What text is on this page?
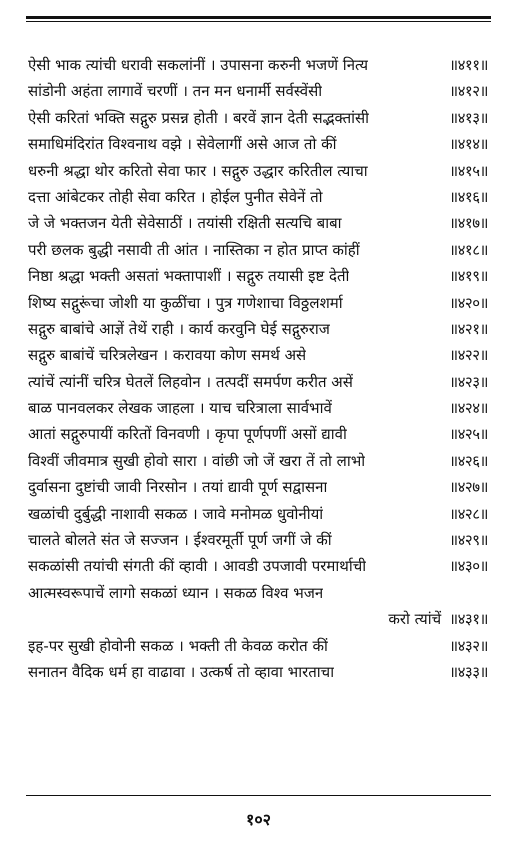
ऐसी भाक त्यांची धरावी सकलांनीं । उपासना करुनी भजणें नित्य	॥४११॥
सांडोनी अहंता लागावें चरणीं । तन मन धनार्मी सर्वस्वेंसी	॥४१२॥
ऐसी करितां भक्ति सद्गुरु प्रसन्न होती । बरवें ज्ञान देती सद्भक्तांसी	॥४१३॥
समाधिमंदिरांत विश्वनाथ वझे । सेवेलागीं असे आज तो कीं	॥४१४॥
धरुनी श्रद्धा थोर करितो सेवा फार । सद्गुरु उद्धार करितील त्याचा	॥४१५॥
दत्ता आंबेटकर तोही सेवा करित । होईल पुनीत सेवेनें तो	॥४१६॥
जे जे भक्तजन येती सेवेसाठीं । तयांसी रक्षिती सत्यचि बाबा	॥४१७॥
परी छलक बुद्धी नसावी ती आंत । नास्तिका न होत प्राप्त कांहीं	॥४१८॥
निष्ठा श्रद्धा भक्ती असतां भक्तापाशीं । सद्गुरु तयासी इष्ट देती	॥४१९॥
शिष्य सद्गुरूंचा जोशी या कुळींचा । पुत्र गणेशाचा विठ्ठलशर्मा	॥४२०॥
सद्गुरु बाबांचे आज्ञें तेथें राही । कार्य करवुनि घेई सद्गुरुराज	॥४२१॥
सद्गुरु बाबांचें चरित्रलेखन । करावया कोण समर्थ असे	॥४२२॥
त्यांचें त्यांनीं चरित्र घेतलें लिहवोन । तत्पदीं समर्पण करीत असें	॥४२३॥
बाळ पानवलकर लेखक जाहला । याच चरित्राला सार्वभावें	॥४२४॥
आतां सद्गुरुपायीं करितों विनवणी । कृपा पूर्णपणीं असों द्यावी	॥४२५॥
विश्वीं जीवमात्र सुखी होवो सारा । वांछी जो जें खरा तें तो लाभो	॥४२६॥
दुर्वासना दुष्टांची जावी निरसोन । तयां द्यावी पूर्ण सद्वासना	॥४२७॥
खळांची दुर्बुद्धी नाशावी सकळ । जावे मनोमळ धुवोनीयां	॥४२८॥
चालते बोलते संत जे सज्जन । ईश्वरमूर्ती पूर्ण जगीं जे कीं	॥४२९॥
सकळांसी तयांची संगती कीं व्हावी । आवडी उपजावी परमार्थाची	॥४३०॥
आत्मस्वरूपाचें लागो सकळां ध्यान । सकळ विश्व भजन
करो त्यांचें ॥४३१॥
इह-पर सुखी होवोनी सकळ । भक्ती ती केवळ करोत कीं	॥४३२॥
सनातन वैदिक धर्म हा वाढावा । उत्कर्ष तो व्हावा भारताचा	॥४३३॥
१०२
